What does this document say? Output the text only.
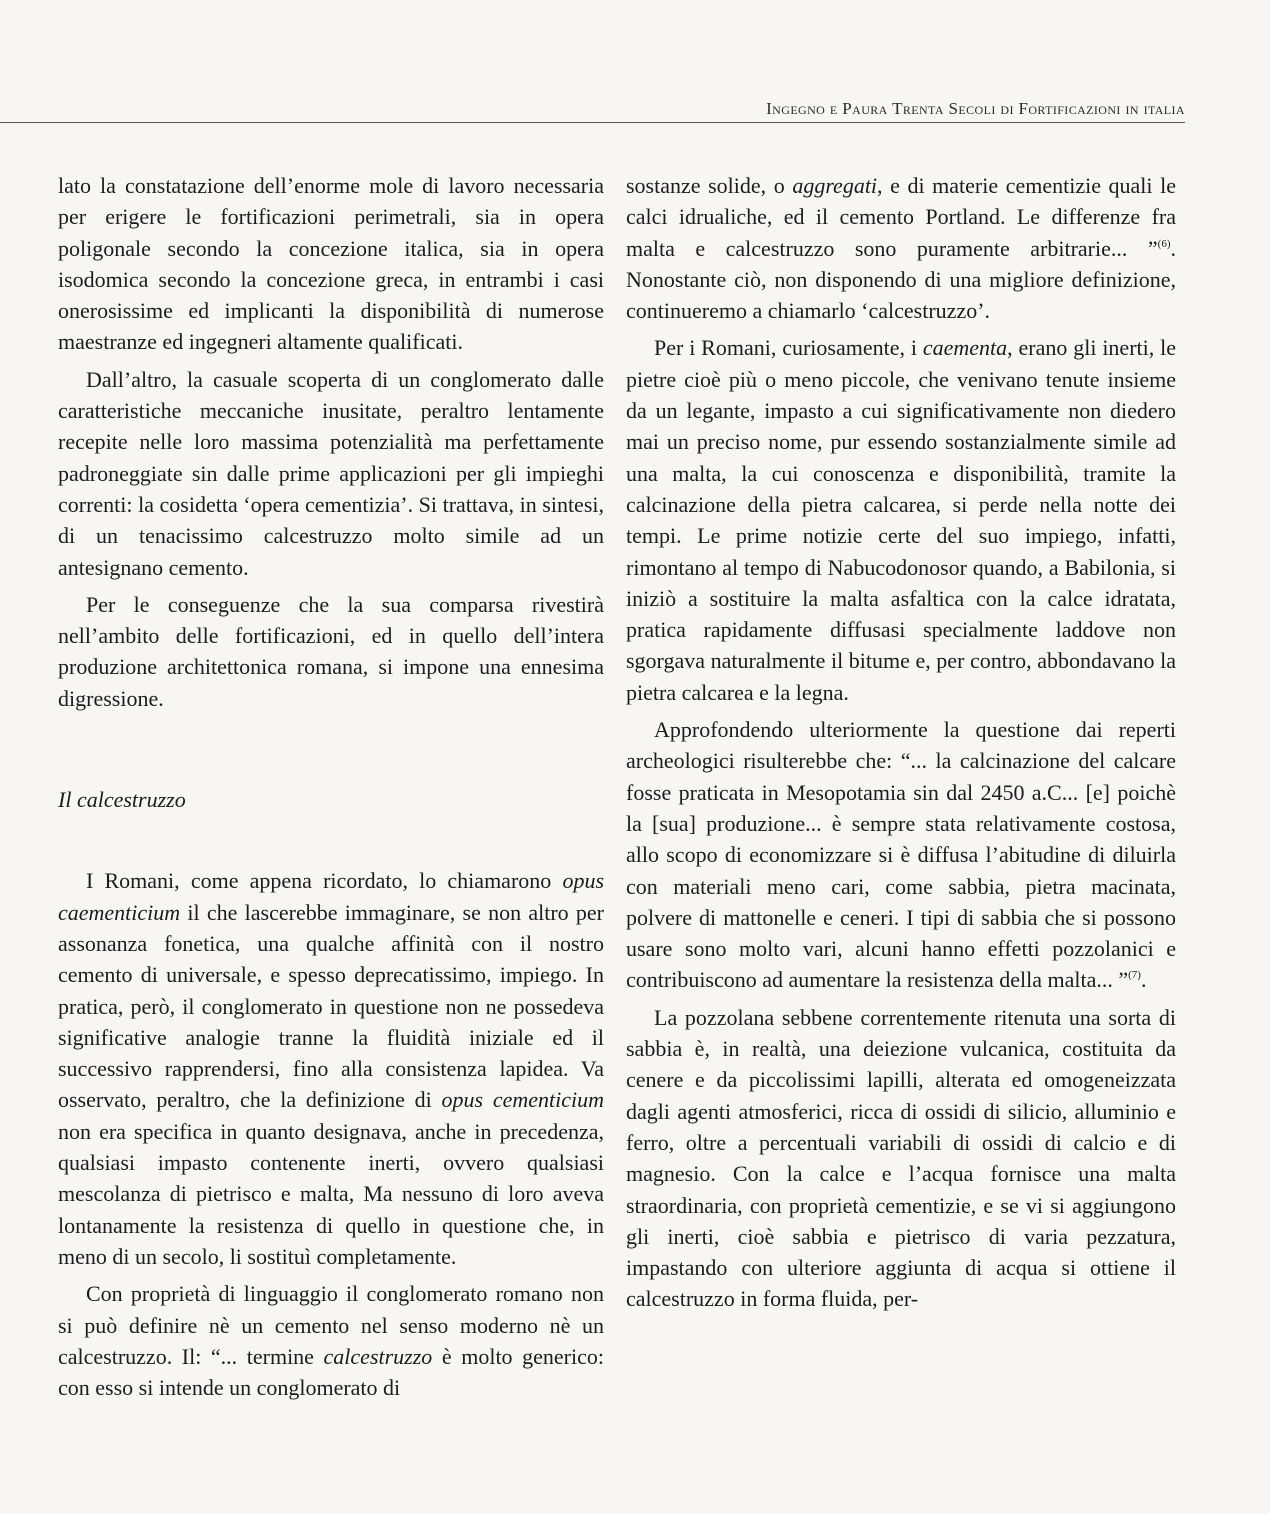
Ingegno e Paura Trenta Secoli di Fortificazioni in italia

lato la constatazione dell’enorme mole di lavoro necessaria per erigere le fortificazioni perimetrali, sia in opera poligonale secondo la concezione italica, sia in opera isodomica secondo la concezione greca, in entrambi i casi onerosissime ed implicanti la disponibilità di numerose maestranze ed ingegneri altamente qualificati.

Dall’altro, la casuale scoperta di un conglomerato dalle caratteristiche meccaniche inusitate, peraltro lentamente recepite nelle loro massima potenzialità ma perfettamente padroneggiate sin dalle prime applicazioni per gli impieghi correnti: la cosidetta ‘opera cementizia’. Si trattava, in sintesi, di un tenacissimo calcestruzzo molto simile ad un antesignano cemento.

Per le conseguenze che la sua comparsa rivestirà nell’ambito delle fortificazioni, ed in quello dell’intera produzione architettonica romana, si impone una ennesima digressione.

Il calcestruzzo

I Romani, come appena ricordato, lo chiamarono opus caementicium il che lascerebbe immaginare, se non altro per assonanza fonetica, una qualche affinità con il nostro cemento di universale, e spesso deprecatissimo, impiego. In pratica, però, il conglomerato in questione non ne possedeva significative analogie tranne la fluidità iniziale ed il successivo rapprendersi, fino alla consistenza lapidea. Va osservato, peraltro, che la definizione di opus cementicium non era specifica in quanto designava, anche in precedenza, qualsiasi impasto contenente inerti, ovvero qualsiasi mescolanza di pietrisco e malta, Ma nessuno di loro aveva lontanamente la resistenza di quello in questione che, in meno di un secolo, li sostituì completamente.

Con proprietà di linguaggio il conglomerato romano non si può definire nè un cemento nel senso moderno nè un calcestruzzo. Il: “... termine calcestruzzo è molto generico: con esso si intende un conglomerato di

sostanze solide, o aggregati, e di materie cementizie quali le calci idrualiche, ed il cemento Portland. Le differenze fra malta e calcestruzzo sono puramente arbitrarie... ”$^{(6)}$. Nonostante ciò, non disponendo di una migliore definizione, continueremo a chiamarlo ‘calcestruzzo’.

Per i Romani, curiosamente, i caementa, erano gli inerti, le pietre cioè più o meno piccole, che venivano tenute insieme da un legante, impasto a cui significativamente non diedero mai un preciso nome, pur essendo sostanzialmente simile ad una malta, la cui conoscenza e disponibilità, tramite la calcinazione della pietra calcarea, si perde nella notte dei tempi. Le prime notizie certe del suo impiego, infatti, rimontano al tempo di Nabucodonosor quando, a Babilonia, si iniziò a sostituire la malta asfaltica con la calce idratata, pratica rapidamente diffusasi specialmente laddove non sgorgava naturalmente il bitume e, per contro, abbondavano la pietra calcarea e la legna.

Approfondendo ulteriormente la questione dai reperti archeologici risulterebbe che: “... la calcinazione del calcare fosse praticata in Mesopotamia sin dal 2450 a.C... [e] poichè la [sua] produzione... è sempre stata relativamente costosa, allo scopo di economizzare si è diffusa l’abitudine di diluirla con materiali meno cari, come sabbia, pietra macinata, polvere di mattonelle e ceneri. I tipi di sabbia che si possono usare sono molto vari, alcuni hanno effetti pozzolanici e contribuiscono ad aumentare la resistenza della malta... ”$^{(7)}$.

La pozzolana sebbene correntemente ritenuta una sorta di sabbia è, in realtà, una deiezione vulcanica, costituita da cenere e da piccolissimi lapilli, alterata ed omogeneizzata dagli agenti atmosferici, ricca di ossidi di silicio, alluminio e ferro, oltre a percentuali variabili di ossidi di calcio e di magnesio. Con la calce e l’acqua fornisce una malta straordinaria, con proprietà cementizie, e se vi si aggiungono gli inerti, cioè sabbia e pietrisco di varia pezzatura, impastando con ulteriore aggiunta di acqua si ottiene il calcestruzzo in forma fluida, per-
